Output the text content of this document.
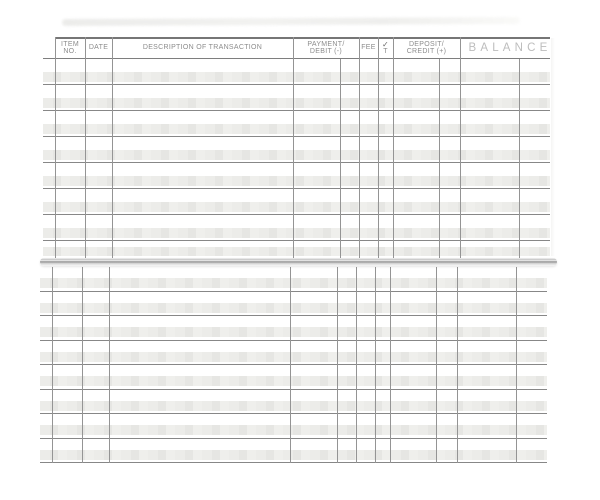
ITEM
NO.
DATE	DESCRIPTION OF TRANSACTION
PAYMENT/
DEBIT (-)
FEE ✓
T
DEPOSIT/
CREDIT (+) BALANCE
